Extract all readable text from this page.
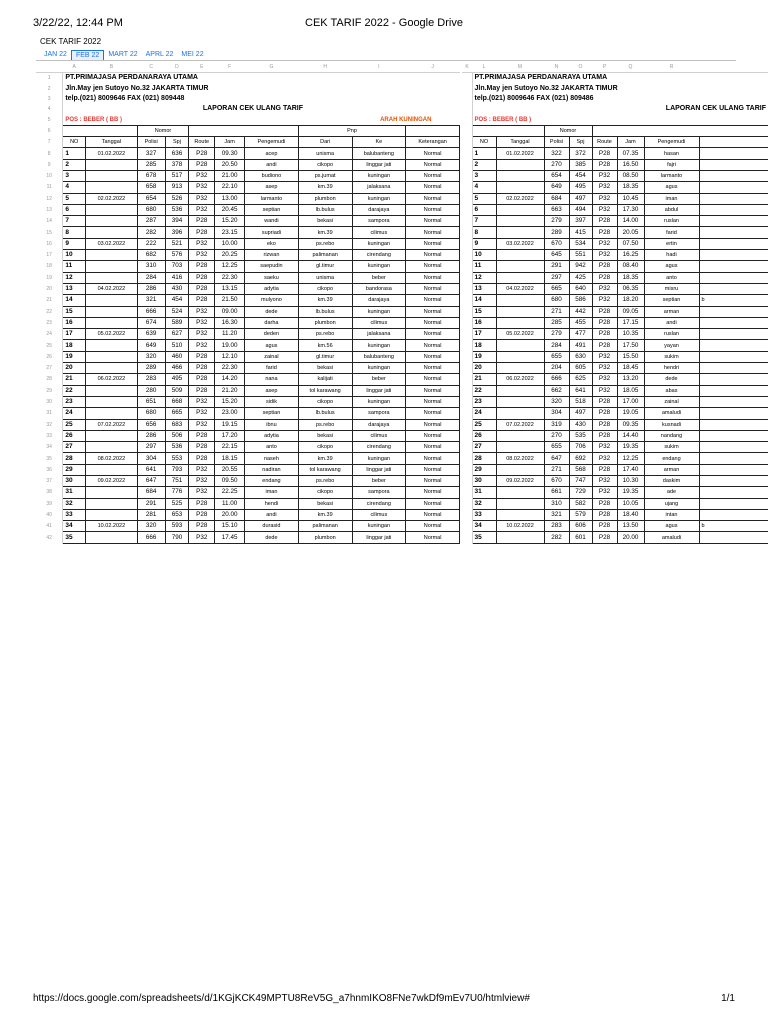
3/22/22, 12:44 PM	CEK TARIF 2022 - Google Drive
CEK TARIF 2022
JAN 22	FEB 22	MART 22	APRL 22	MEI 22
	A	B	C	D	E	F	G	H	I	J
1	PT.PRIMAJASA PERDANARAYA UTAMA									
2	Jln.May jen Sutoyo No.32 JAKARTA TIMUR									
3	telp.(021) 8009646 FAX (021) 809448									
4					LAPORAN CEK ULANG TARIF					
5	POS : BEBER ( BB )								ARAH KUNINGAN	
6			Nomor					Pnp		
7	NO	Tanggal	Polisi	Spj	Route	Jam	Pengemudi	Dari	Ke	Keterangan
8	1	01.02.2022	327	636	P28	09.30	acep	unisma	balubanteng	Normal
9	2		285	378	P28	20.50	andi	cikopo	linggar jati	Normal
10	3		678	517	P32	21.00	budiono	ps.jumat	kuningan	Normal
11	4		658	913	P32	22.10	asep	km.39	jalaksana	Normal
12	5	02.02.2022	654	526	P32	13.00	larmanto	plumbon	kuningan	Normal
13	6		680	536	P32	20.45	septian	lb.bulus	darajaya	Normal
14	7		287	394	P28	15.20	wandi	bekasi	sampora	Normal
15	8		282	396	P28	23.15	supriadi	km.39	cilimus	Normal
16	9	03.02.2022	222	521	P32	10.00	eko	ps.rebo	kuningan	Normal
17	10		682	576	P32	20.25	rizwan	palimanan	cirendang	Normal
18	11		310	703	P28	12.25	saepudin	gl.timur	kuningan	Normal
19	12		284	416	P28	22.30	saeku	unisma	beber	Normal
20	13	04.02.2022	286	430	P28	13.15	adytia	cikopo	bandorasa	Normal
21	14		321	454	P28	21.50	mulyono	km.39	darajaya	Normal
22	15		666	524	P32	09.00	dede	lb.bulus	kuningan	Normal
23	16		674	589	P32	16.30	darha	plumbon	cilimus	Normal
24	17	05.02.2022	639	627	P32	11.20	deden	ps.rebo	jalaksana	Normal
25	18		649	510	P32	19.00	agus	km.56	kuningan	Normal
26	19		320	460	P28	12.10	zainal	gl.timur	balubanteng	Normal
27	20		289	466	P28	22.30	farid	bekasi	kuningan	Normal
28	21	06.02.2022	283	495	P28	14.20	nana	kalijati	beber	Normal
29	22		280	509	P28	21.20	asep	tol karawang	linggar jati	Normal
30	23		651	668	P32	15.20	sidik	cikopo	kuningan	Normal
31	24		680	665	P32	23.00	septian	lb.bulus	sampora	Normal
32	25	07.02.2022	656	683	P32	19.15	ibnu	ps.rebo	darajaya	Normal
33	26		286	506	P28	17.20	adytia	bekasi	cilimus	Normal
34	27		297	536	P28	22.15	anto	cikopo	cirendang	Normal
35	28	08.02.2022	304	553	P28	18.15	naseh	km.39	kuningan	Normal
36	29		641	793	P32	20.55	nadiran	tol karawang	linggar jati	Normal
37	30	09.02.2022	647	751	P32	09.50	endang	ps.rebo	beber	Normal
38	31		684	776	P32	22.25	iman	cikopo	sampora	Normal
39	32		291	525	P28	11.00	hendi	bekasi	cirendang	Normal
40	33		281	653	P28	20.00	andi	km.39	cilimus	Normal
41	34	10.02.2022	320	593	P28	15.10	durasid	palimanan	kuningan	Normal
42	35		666	790	P32	17.45	dede	plumbon	linggar jati	Normal
K	L	M	N	O	P	Q	R	
	PT.PRIMAJASA PERDANARAYA UTAMA							
	Jln.May jen Sutoyo No.32 JAKARTA TIMUR							
	telp.(021) 8009646 FAX (021) 809486							
							LAPORAN CEK ULANG TARIF	
	POS : BEBER ( BB )							
			Nomor					
	NO	Tanggal	Polisi	Spj	Route	Jam	Pengemudi	
	1	01.02.2022	322	372	P28	07.35	hasan	
	2		270	385	P28	16.50	fajri	
	3		654	454	P32	08.50	larmanto	
	4		649	495	P32	18.35	agus	
	5	02.02.2022	684	497	P32	10.45	iman	
	6		663	494	P32	17.30	abdul	
	7		279	397	P28	14.00	ruslan	
	8		289	415	P28	20.05	farid	
	9	03.02.2022	670	534	P32	07.50	ertin	
	10		645	551	P32	16.25	hadi	
	11		291	942	P28	08.40	agus	
	12		297	425	P28	18.35	anto	
	13	04.02.2022	665	640	P32	06.35	misru	
	14		680	586	P32	18.20	septian	b
	15		271	442	P28	09.05	arman	
	16		285	455	P28	17.15	andi	
	17	05.02.2022	279	477	P28	10.35	ruslan	
	18		284	491	P28	17.50	yayan	
	19		655	630	P32	15.50	sukim	
	20		204	605	P32	18.45	hendri	
	21	06.02.2022	666	625	P32	13.20	dede	
	22		662	641	P32	18.05	abas	
	23		320	518	P28	17.00	zainal	
	24		304	497	P28	19.05	amaludi	
	25	07.02.2022	319	430	P28	09.35	kusnadi	
	26		270	535	P28	14.40	nandang	
	27		655	706	P32	19.35	sukim	
	28	08.02.2022	647	692	P32	12.25	endang	
	29		271	568	P28	17.40	arman	
	30	09.02.2022	670	747	P32	10.30	daskim	
	31		661	729	P32	19.35	ade	
	32		310	582	P28	10.05	ujang	
	33		321	579	P28	18.40	intan	
	34	10.02.2022	283	606	P28	13.50	agus	b
	35		282	601	P28	20.00	amaludi	
https://docs.google.com/spreadsheets/d/1KGjKCK49MPTU8ReV5G_a7hnmIKO8FNe7wkDf9mEv7U0/htmlview#	1/1
